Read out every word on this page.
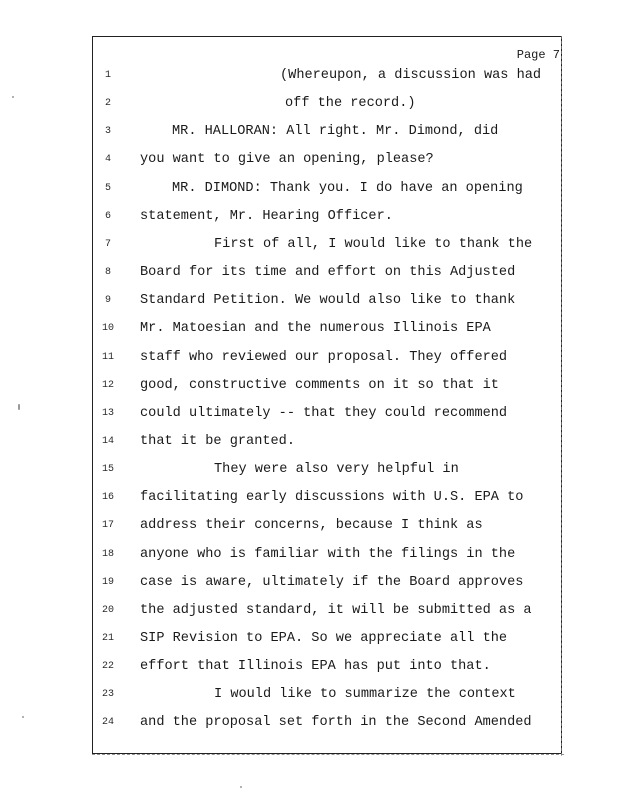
Page 7
1	(Whereupon, a discussion was had
2	off the record.)
3	MR. HALLORAN: All right. Mr. Dimond, did
4	you want to give an opening, please?
5	MR. DIMOND: Thank you. I do have an opening
6	statement, Mr. Hearing Officer.
7	First of all, I would like to thank the
8	Board for its time and effort on this Adjusted
9	Standard Petition. We would also like to thank
10	Mr. Matoesian and the numerous Illinois EPA
11	staff who reviewed our proposal. They offered
12	good, constructive comments on it so that it
13	could ultimately -- that they could recommend
14	that it be granted.
15	They were also very helpful in
16	facilitating early discussions with U.S. EPA to
17	address their concerns, because I think as
18	anyone who is familiar with the filings in the
19	case is aware, ultimately if the Board approves
20	the adjusted standard, it will be submitted as a
21	SIP Revision to EPA. So we appreciate all the
22	effort that Illinois EPA has put into that.
23	I would like to summarize the context
24	and the proposal set forth in the Second Amended
